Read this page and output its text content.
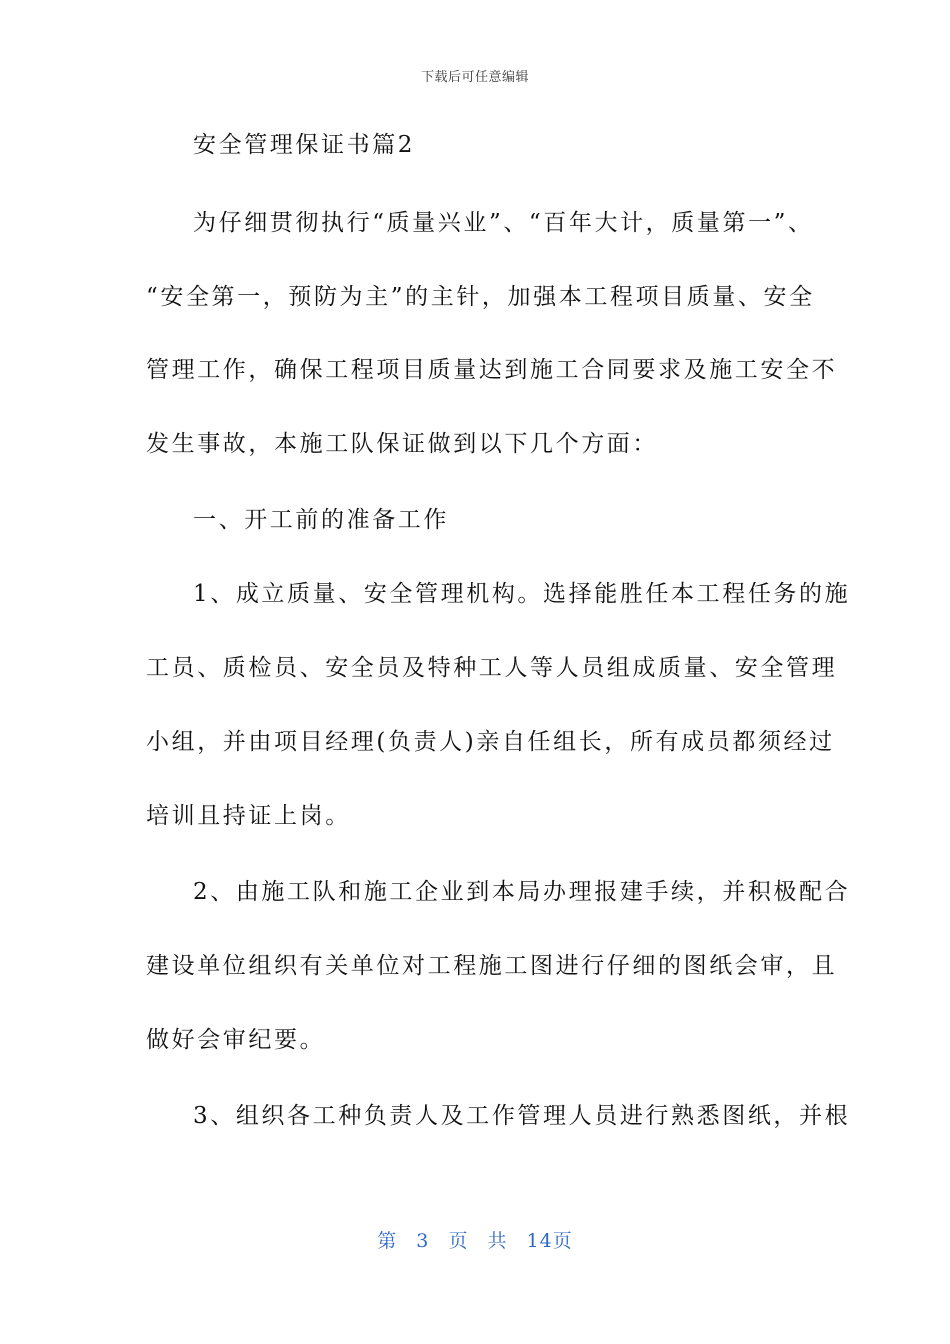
下载后可任意编辑
安全管理保证书篇2
为仔细贯彻执行“质量兴业”、“百年大计，质量第一”、
“安全第一，预防为主”的主针，加强本工程项目质量、安全
管理工作，确保工程项目质量达到施工合同要求及施工安全不
发生事故，本施工队保证做到以下几个方面：
一、开工前的准备工作
1、成立质量、安全管理机构。选择能胜任本工程任务的施
工员、质检员、安全员及特种工人等人员组成质量、安全管理
小组，并由项目经理(负责人)亲自任组长，所有成员都须经过
培训且持证上岗。
2、由施工队和施工企业到本局办理报建手续，并积极配合
建设单位组织有关单位对工程施工图进行仔细的图纸会审，且
做好会审纪要。
3、组织各工种负责人及工作管理人员进行熟悉图纸，并根
第 3 页 共 14页
